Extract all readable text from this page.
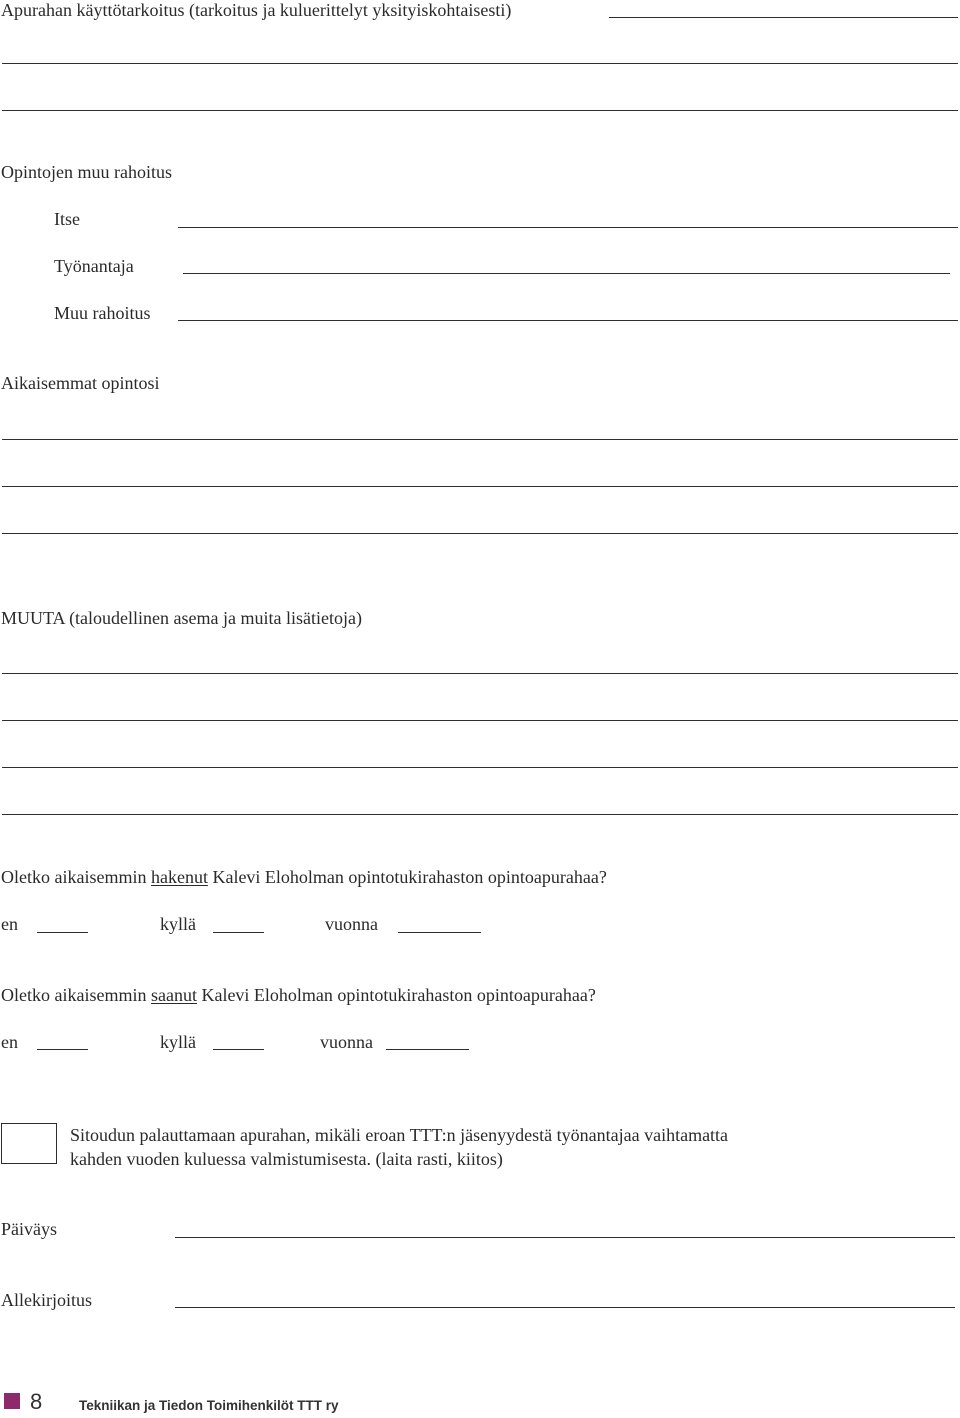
Apurahan käyttötarkoitus (tarkoitus ja kuluerittelyt yksityiskohtaisesti)
Opintojen muu rahoitus
Itse
Työnantaja
Muu rahoitus
Aikaisemmat opintosi
MUUTA (taloudellinen asema ja muita lisätietoja)
Oletko aikaisemmin hakenut Kalevi Eloholman opintotukirahaston opintoapurahaa?
en	kyllä	vuonna
Oletko aikaisemmin saanut Kalevi Eloholman opintotukirahaston opintoapurahaa?
en	kyllä	vuonna
Sitoudun palauttamaan apurahan, mikäli eroan TTT:n jäsenyydestä työnantajaa vaihtamatta
kahden vuoden kuluessa valmistumisesta. (laita rasti, kiitos)
Päiväys
Allekirjoitus
8	Tekniikan ja Tiedon Toimihenkilöt TTT ry
